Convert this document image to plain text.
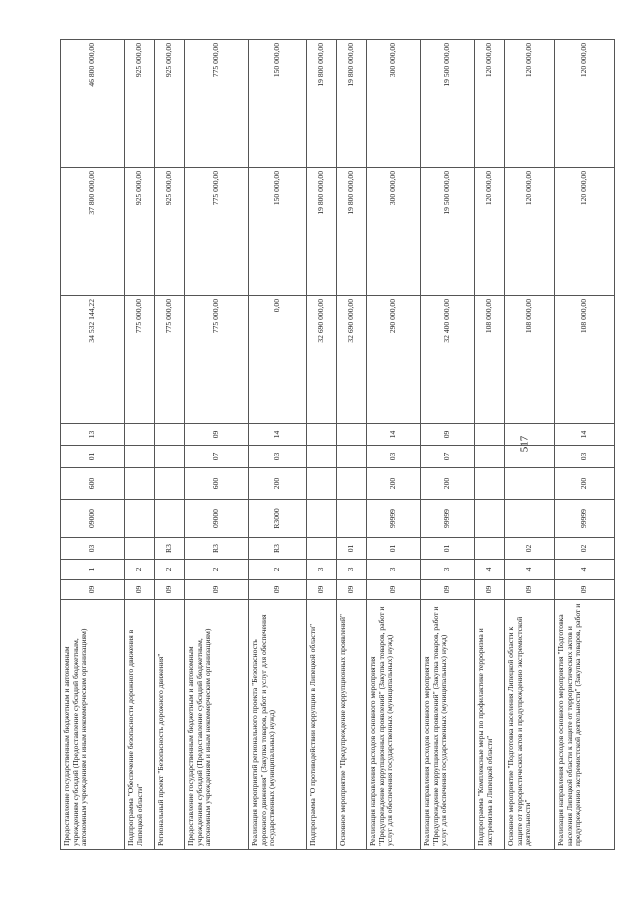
517
Предоставление государственным бюджетным и автономным учреждениям субсидий (Предоставление субсидий бюджетным, автономным учреждениям и иным некоммерческим организациям)	09	1	03	09000	600	01	13	34 532 144,22	37 800 000,00	46 800 000,00
Подпрограмма "Обеспечение безопасности дорожного движения в Липецкой области"	09	2						775 000,00	925 000,00	925 000,00
Региональный проект "Безопасность дорожного движения"	09	2	R3					775 000,00	925 000,00	925 000,00
Предоставление государственным бюджетным и автономным учреждениям субсидий (Предоставление субсидий бюджетным, автономным учреждениям и иным некоммерческим организациям)	09	2	R3	09000	600	07	09	775 000,00	775 000,00	775 000,00
Реализация мероприятий регионального проекта "Безопасность дорожного движения" (Закупка товаров, работ и услуг для обеспечения государственных (муниципальных) нужд)	09	2	R3	R3000	200	03	14	0,00	150 000,00	150 000,00
Подпрограмма "О противодействии коррупции в Липецкой области"	09	3						32 690 000,00	19 800 000,00	19 800 000,00
Основное мероприятие "Предупреждение коррупционных проявлений"	09	3	01					32 690 000,00	19 800 000,00	19 800 000,00
Реализация направления расходов основного мероприятия "Предупреждение коррупционных проявлений" (Закупка товаров, работ и услуг для обеспечения государственных (муниципальных) нужд)	09	3	01	99999	200	03	14	290 000,00	300 000,00	300 000,00
Реализация направления расходов основного мероприятия "Предупреждение коррупционных проявлений" (Закупка товаров, работ и услуг для обеспечения государственных (муниципальных) нужд)	09	3	01	99999	200	07	09	32 400 000,00	19 500 000,00	19 500 000,00
Подпрограмма "Комплексные меры по профилактике терроризма и экстремизма в Липецкой области"	09	4						108 000,00	120 000,00	120 000,00
Основное мероприятие "Подготовка населения Липецкой области к защите от террористических актов и предупреждению экстремистской деятельности"	09	4	02					108 000,00	120 000,00	120 000,00
Реализация направления расходов основного мероприятия "Подготовка населения Липецкой области к защите от террористических актов и предупреждению экстремистской деятельности" (Закупка товаров, работ и	09	4	02	99999	200	03	14	108 000,00	120 000,00	120 000,00
